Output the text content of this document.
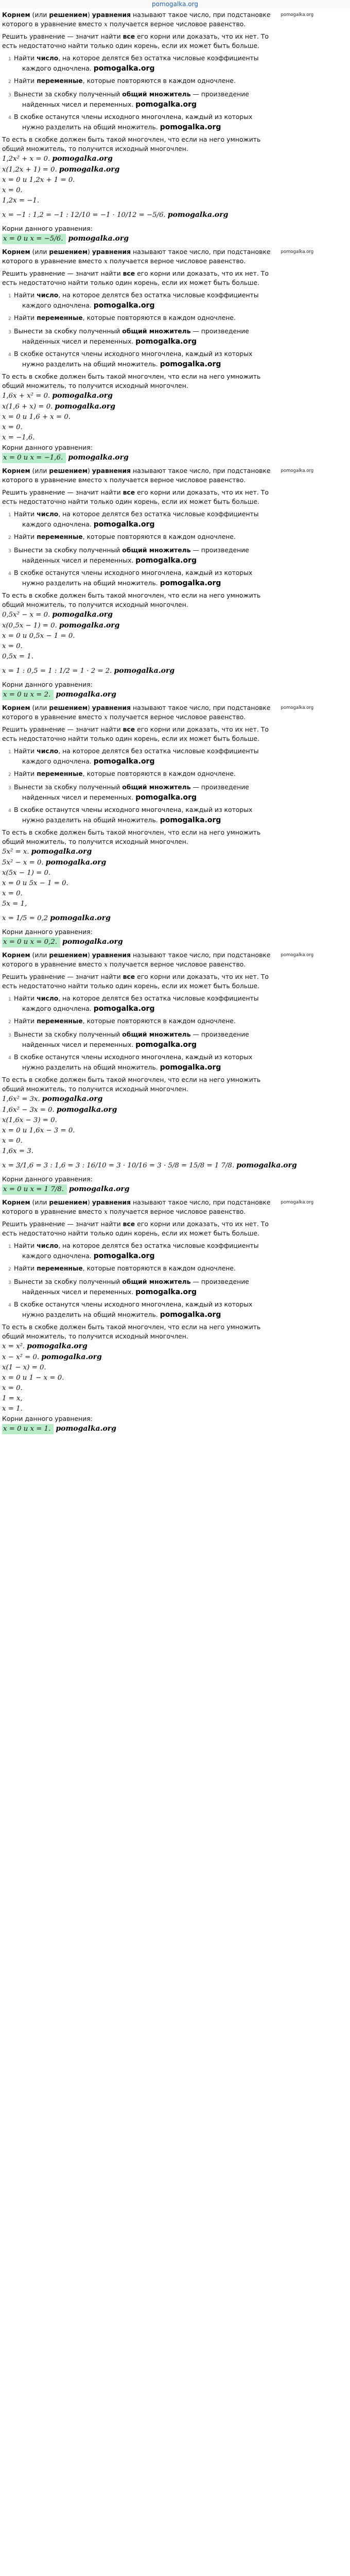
pomogalka.org
Корнем (или решением) уравнения называют такое число, при подстановке $^{pomogalka.org}$
которого в уравнение вместо x получается верное числовое равенство.
Решить уравнение — значит найти все его корни или доказать, что их нет. То
есть недостаточно найти только один корень, если их может быть больше.
1 Найти число, на которое делятся без остатка числовые коэффициенты
каждого одночлена. pomogalka.org
2 Найти переменные, которые повторяются в каждом одночлене.
3 Вынести за скобку полученный общий множитель — произведение
найденных чисел и переменных. pomogalka.org
4 В скобке останутся члены исходного многочлена, каждый из которых
нужно разделить на общий множитель. pomogalka.org
То есть в скобке должен быть такой многочлен, что если на него умножить
общий множитель, то получится исходный многочлен.
1,2x² + x = 0. pomogalka.org
x(1,2x + 1) = 0. pomogalka.org
x = 0 и 1,2x + 1 = 0.
x = 0.
1,2x = −1.
x = −1 : 1,2 = −1 : 12/10 = −1 · 10/12 = −5/6. pomogalka.org
Корни данного уравнения:
x = 0 и x = −5/6. pomogalka.org
Корнем (или решением) уравнения называют такое число, при подстановке $^{pomogalka.org}$
которого в уравнение вместо x получается верное числовое равенство.
Решить уравнение — значит найти все его корни или доказать, что их нет. То
есть недостаточно найти только один корень, если их может быть больше.
1 Найти число, на которое делятся без остатка числовые коэффициенты
каждого одночлена. pomogalka.org
2 Найти переменные, которые повторяются в каждом одночлене.
3 Вынести за скобку полученный общий множитель — произведение
найденных чисел и переменных. pomogalka.org
4 В скобке останутся члены исходного многочлена, каждый из которых
нужно разделить на общий множитель. pomogalka.org
То есть в скобке должен быть такой многочлен, что если на него умножить
общий множитель, то получится исходный многочлен.
1,6x + x² = 0. pomogalka.org
x(1,6 + x) = 0. pomogalka.org
x = 0 и 1,6 + x = 0.
x = 0.
x = −1,6.
Корни данного уравнения:
x = 0 и x = −1,6. pomogalka.org
Корнем (или решением) уравнения называют такое число, при подстановке $^{pomogalka.org}$
которого в уравнение вместо x получается верное числовое равенство.
Решить уравнение — значит найти все его корни или доказать, что их нет. То
есть недостаточно найти только один корень, если их может быть больше.
1 Найти число, на которое делятся без остатка числовые коэффициенты
каждого одночлена. pomogalka.org
2 Найти переменные, которые повторяются в каждом одночлене.
3 Вынести за скобку полученный общий множитель — произведение
найденных чисел и переменных. pomogalka.org
4 В скобке останутся члены исходного многочлена, каждый из которых
нужно разделить на общий множитель. pomogalka.org
То есть в скобке должен быть такой многочлен, что если на него умножить
общий множитель, то получится исходный многочлен.
0,5x² − x = 0. pomogalka.org
x(0,5x − 1) = 0. pomogalka.org
x = 0 и 0,5x − 1 = 0.
x = 0.
0,5x = 1.
x = 1 : 0,5 = 1 : 1/2 = 1 · 2 = 2. pomogalka.org
Корни данного уравнения:
x = 0 и x = 2. pomogalka.org
Корнем (или решением) уравнения называют такое число, при подстановке $^{pomogalka.org}$
которого в уравнение вместо x получается верное числовое равенство.
Решить уравнение — значит найти все его корни или доказать, что их нет. То
есть недостаточно найти только один корень, если их может быть больше.
1 Найти число, на которое делятся без остатка числовые коэффициенты
каждого одночлена. pomogalka.org
2 Найти переменные, которые повторяются в каждом одночлене.
3 Вынести за скобку полученный общий множитель — произведение
найденных чисел и переменных. pomogalka.org
4 В скобке останутся члены исходного многочлена, каждый из которых
нужно разделить на общий множитель. pomogalka.org
То есть в скобке должен быть такой многочлен, что если на него умножить
общий множитель, то получится исходный многочлен.
5x² = x. pomogalka.org
5x² − x = 0. pomogalka.org
x(5x − 1) = 0.
x = 0 и 5x − 1 = 0.
x = 0.
5x = 1,
x = 1/5 = 0,2 pomogalka.org
Корни данного уравнения:
x = 0 и x = 0,2. pomogalka.org
Корнем (или решением) уравнения называют такое число, при подстановке $^{pomogalka.org}$
которого в уравнение вместо x получается верное числовое равенство.
Решить уравнение — значит найти все его корни или доказать, что их нет. То
есть недостаточно найти только один корень, если их может быть больше.
1 Найти число, на которое делятся без остатка числовые коэффициенты
каждого одночлена. pomogalka.org
2 Найти переменные, которые повторяются в каждом одночлене.
3 Вынести за скобку полученный общий множитель — произведение
найденных чисел и переменных. pomogalka.org
4 В скобке останутся члены исходного многочлена, каждый из которых
нужно разделить на общий множитель. pomogalka.org
То есть в скобке должен быть такой многочлен, что если на него умножить
общий множитель, то получится исходный многочлен.
1,6x² = 3x. pomogalka.org
1,6x² − 3x = 0. pomogalka.org
x(1,6x − 3) = 0.
x = 0 и 1,6x − 3 = 0.
x = 0.
1,6x = 3.
x = 3/1,6 = 3 : 1,6 = 3 : 16/10 = 3 · 10/16 = 3 · 5/8 = 15/8 = 1 7/8. pomogalka.org
Корни данного уравнения:
x = 0 и x = 1 7/8. pomogalka.org
Корнем (или решением) уравнения называют такое число, при подстановке $^{pomogalka.org}$
которого в уравнение вместо x получается верное числовое равенство.
Решить уравнение — значит найти все его корни или доказать, что их нет. То
есть недостаточно найти только один корень, если их может быть больше.
1 Найти число, на которое делятся без остатка числовые коэффициенты
каждого одночлена. pomogalka.org
2 Найти переменные, которые повторяются в каждом одночлене.
3 Вынести за скобку полученный общий множитель — произведение
найденных чисел и переменных. pomogalka.org
4 В скобке останутся члены исходного многочлена, каждый из которых
нужно разделить на общий множитель. pomogalka.org
То есть в скобке должен быть такой многочлен, что если на него умножить
общий множитель, то получится исходный многочлен.
x = x². pomogalka.org
x − x² = 0. pomogalka.org
x(1 − x) = 0.
x = 0 и 1 − x = 0.
x = 0.
1 = x,
x = 1.
Корни данного уравнения:
x = 0 и x = 1. pomogalka.org
